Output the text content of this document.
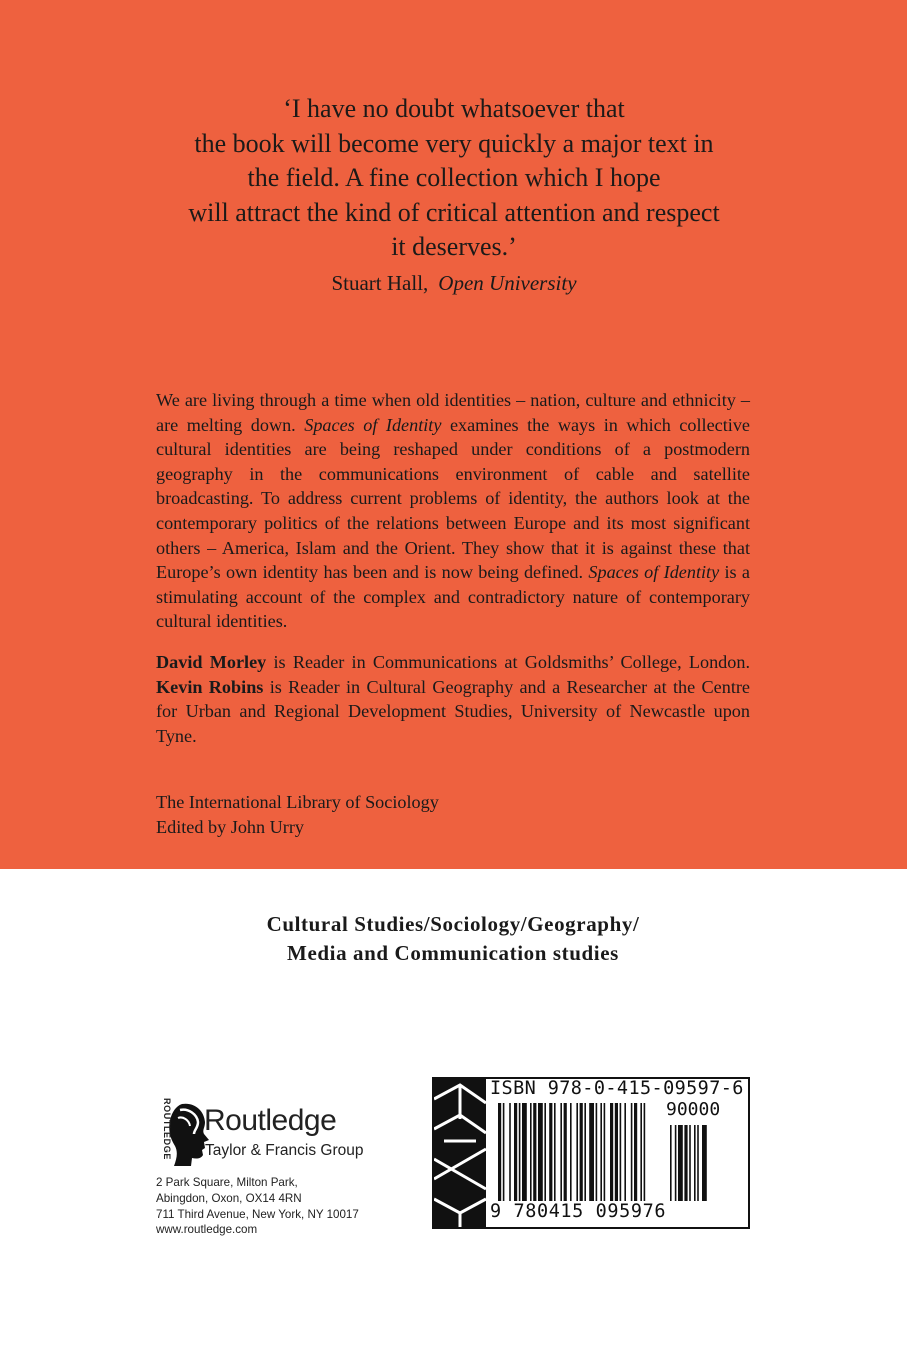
‘I have no doubt whatsoever that

the book will become very quickly a major text in

the field. A fine collection which I hope

will attract the kind of critical attention and respect

it deserves.’

Stuart Hall, Open University

We are living through a time when old identities – nation, culture and ethnicity – are melting down. Spaces of Identity examines the ways in which collective cultural identities are being reshaped under conditions of a postmodern geography in the communications environment of cable and satellite broadcasting. To address current problems of identity, the authors look at the contemporary politics of the relations between Europe and its most significant others – America, Islam and the Orient. They show that it is against these that Europe’s own identity has been and is now being defined. Spaces of Identity is a stimulating account of the complex and contradictory nature of contemporary cultural identities.

David Morley is Reader in Communications at Goldsmiths’ College, London. Kevin Robins is Reader in Cultural Geography and a Researcher at the Centre for Urban and Regional Development Studies, University of Newcastle upon Tyne.

The International Library of Sociology
Edited by John Urry
Cultural Studies/Sociology/Geography/
Media and Communication studies
ROUTLEDGE Routledge
Taylor & Francis Group
2 Park Square, Milton Park,
Abingdon, Oxon, OX14 4RN
711 Third Avenue, New York, NY 10017
www.routledge.com
ISBN 978-0-415-09597-6
90000
9 780415 095976
